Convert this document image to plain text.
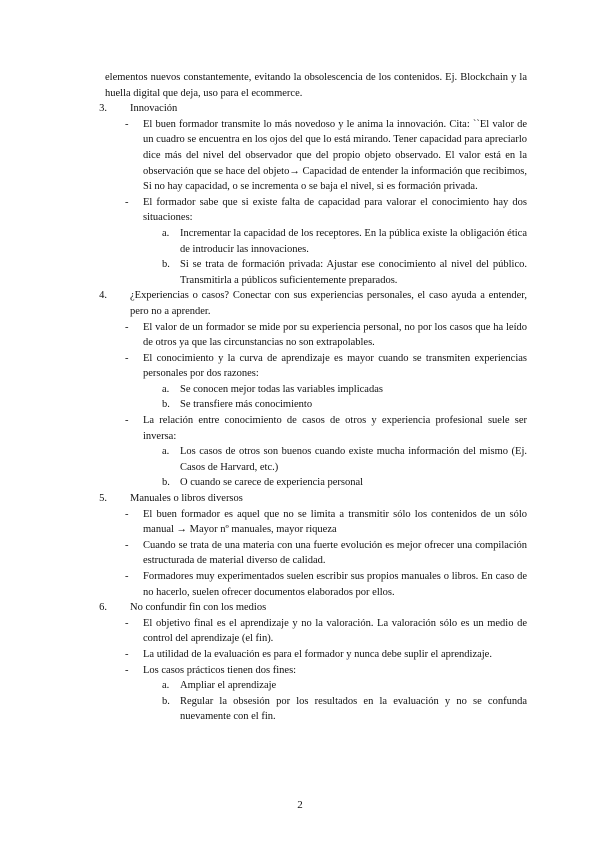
elementos nuevos constantemente, evitando la obsolescencia de los contenidos. Ej. Blockchain y la huella digital que deja, uso para el ecommerce.

3.	Innovación

- El buen formador transmite lo más novedoso y le anima la innovación. Cita: ``El valor de un cuadro se encuentra en los ojos del que lo está mirando. Tener capacidad para apreciarlo dice más del nivel del observador que del propio objeto observado. El valor está en la observación que se hace del objeto→ Capacidad de entender la información que recibimos, Si no hay capacidad, o se incrementa o se baja el nivel, si es formación privada.

- El formador sabe que si existe falta de capacidad para valorar el conocimiento hay dos situaciones:

a. Incrementar la capacidad de los receptores. En la pública existe la obligación ética de introducir las innovaciones.

b. Si se trata de formación privada: Ajustar ese conocimiento al nivel del público. Transmitirla a públicos suficientemente preparados.

4.	¿Experiencias o casos? Conectar con sus experiencias personales, el caso ayuda a entender, pero no a aprender.

- El valor de un formador se mide por su experiencia personal, no por los casos que ha leído de otros ya que las circunstancias no son extrapolables.

- El conocimiento y la curva de aprendizaje es mayor cuando se transmiten experiencias personales por dos razones:

a. Se conocen mejor todas las variables implicadas

b. Se transfiere más conocimiento

- La relación entre conocimiento de casos de otros y experiencia profesional suele ser inversa:

a. Los casos de otros son buenos cuando existe mucha información del mismo (Ej. Casos de Harvard, etc.)

b. O cuando se carece de experiencia personal

5.	Manuales o libros diversos

- El buen formador es aquel que no se limita a transmitir sólo los contenidos de un sólo manual → Mayor nº manuales, mayor riqueza

- Cuando se trata de una materia con una fuerte evolución es mejor ofrecer una compilación estructurada de material diverso de calidad.

- Formadores muy experimentados suelen escribir sus propios manuales o libros. En caso de no hacerlo, suelen ofrecer documentos elaborados por ellos.

6.	No confundir fin con los medios

- El objetivo final es el aprendizaje y no la valoración. La valoración sólo es un medio de control del aprendizaje (el fin).

- La utilidad de la evaluación es para el formador y nunca debe suplir el aprendizaje.

- Los casos prácticos tienen dos fines:

a. Ampliar el aprendizaje

b. Regular la obsesión por los resultados en la evaluación y no se confunda nuevamente con el fin.

2
